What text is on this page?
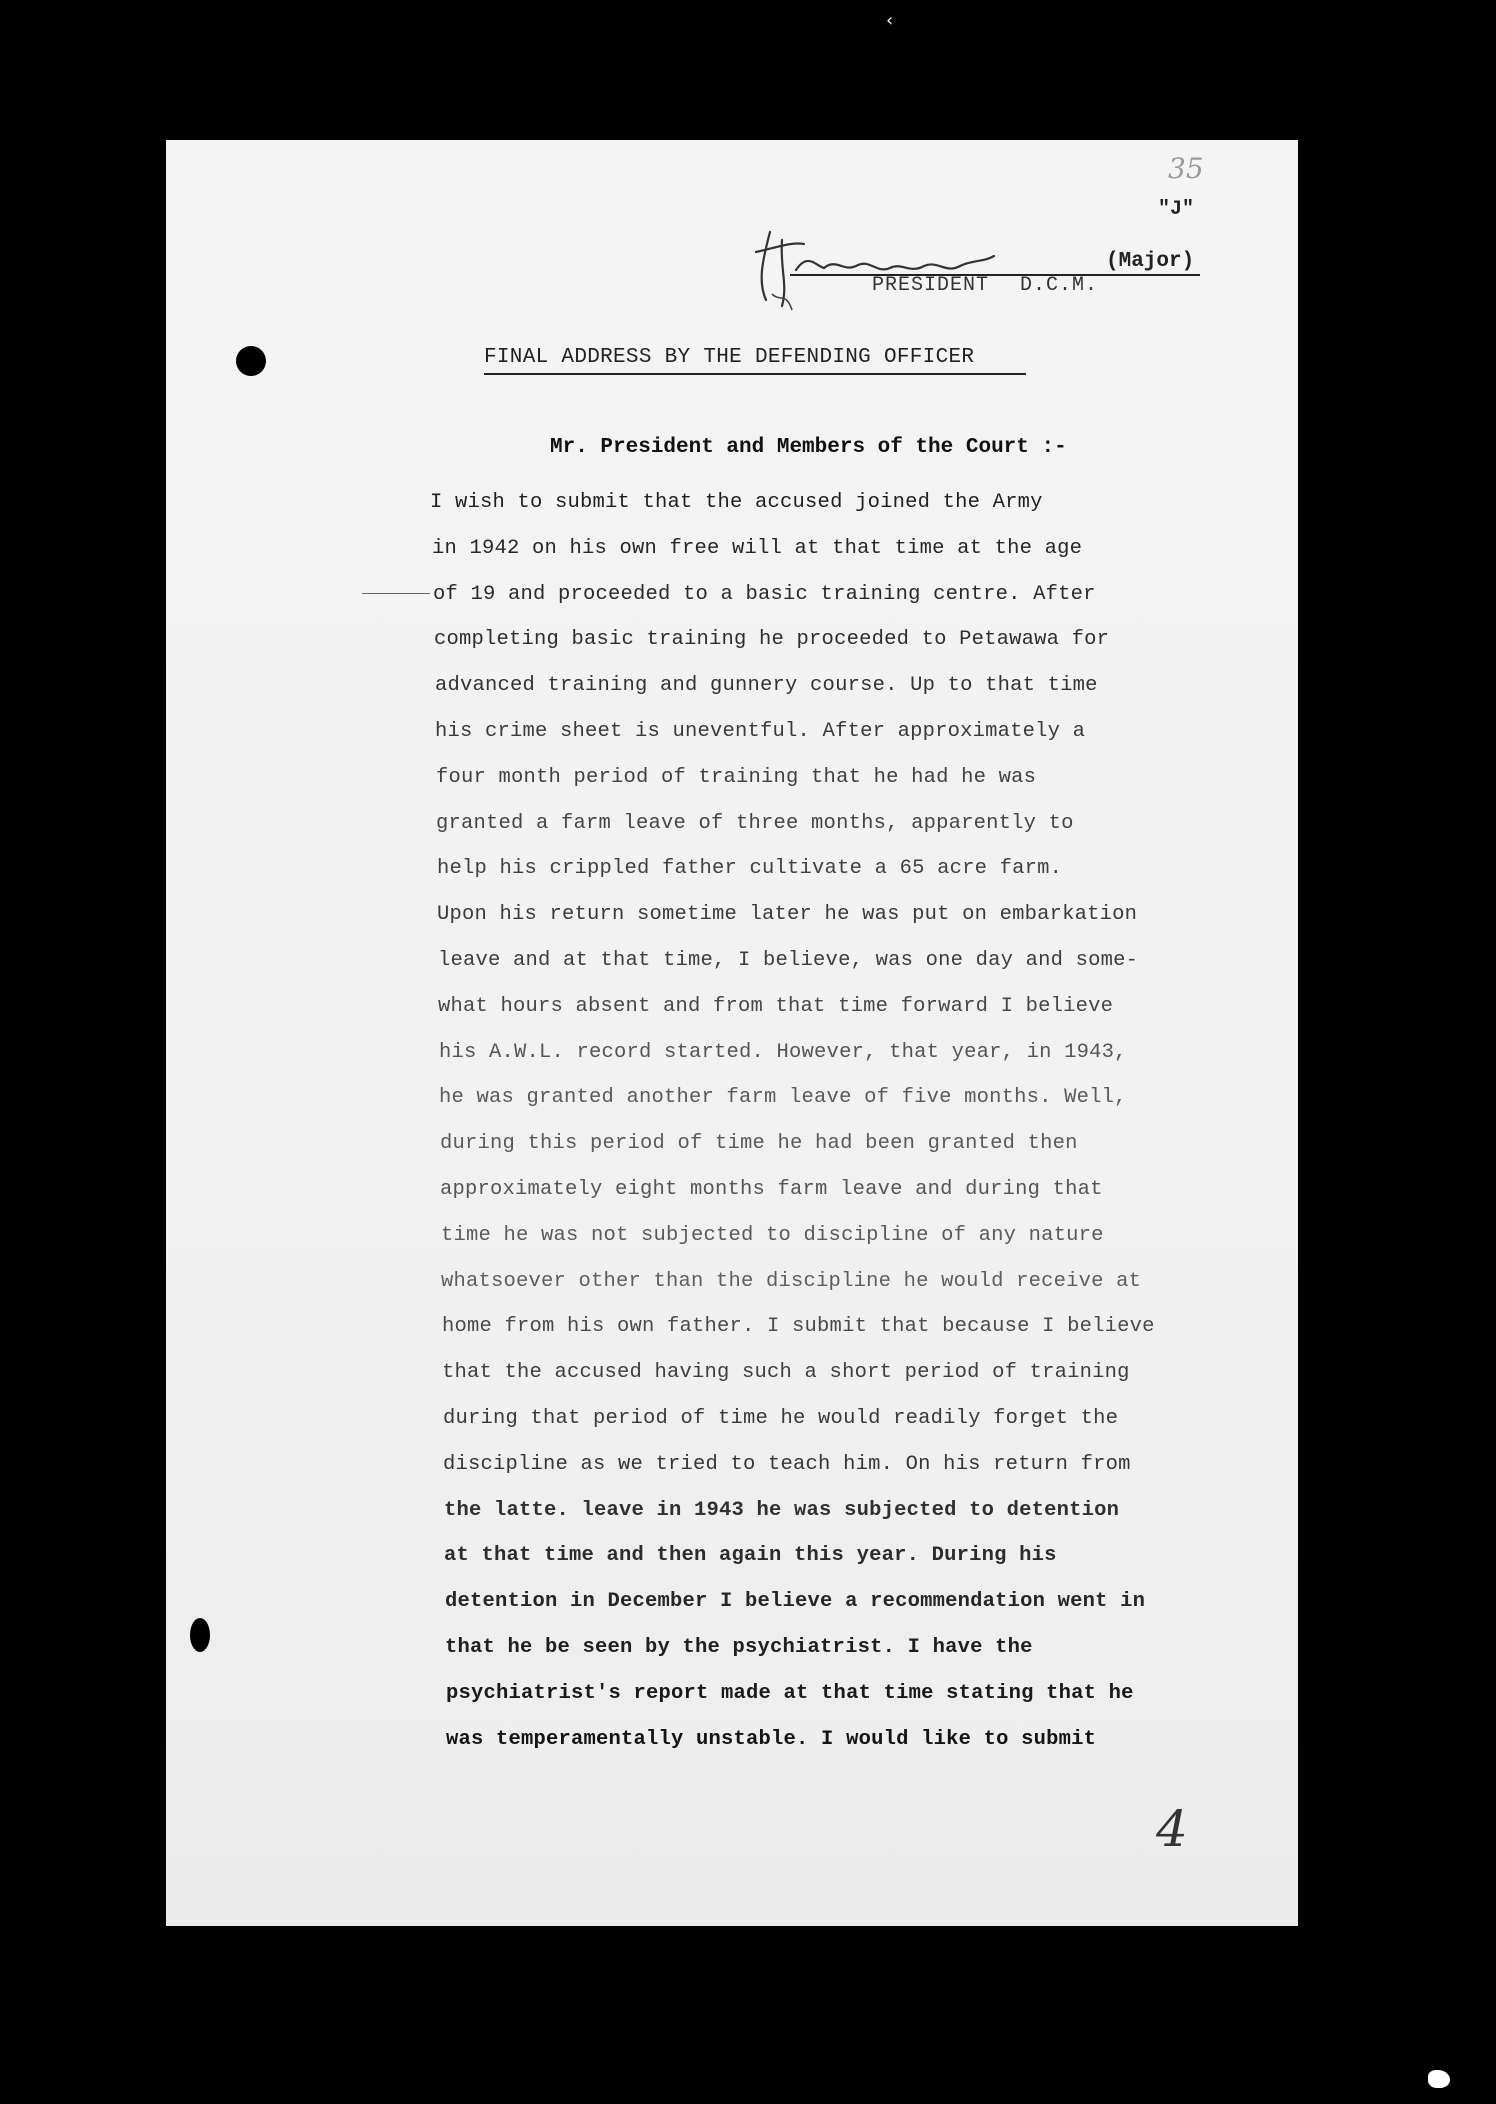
‹
35
"J"
(Major)
PRESIDENT D.C.M.
FINAL ADDRESS BY THE DEFENDING OFFICER
Mr. President and Members of the Court :-
I wish to submit that the accused joined the Army
in 1942 on his own free will at that time at the age
of 19 and proceeded to a basic training centre. After
completing basic training he proceeded to Petawawa for
advanced training and gunnery course. Up to that time
his crime sheet is uneventful. After approximately a
four month period of training that he had he was
granted a farm leave of three months, apparently to
help his crippled father cultivate a 65 acre farm.
Upon his return sometime later he was put on embarkation
leave and at that time, I believe, was one day and some-
what hours absent and from that time forward I believe
his A.W.L. record started. However, that year, in 1943,
he was granted another farm leave of five months. Well,
during this period of time he had been granted then
approximately eight months farm leave and during that
time he was not subjected to discipline of any nature
whatsoever other than the discipline he would receive at
home from his own father. I submit that because I believe
that the accused having such a short period of training
during that period of time he would readily forget the
discipline as we tried to teach him. On his return from
the latte. leave in 1943 he was subjected to detention
at that time and then again this year. During his
detention in December I believe a recommendation went in
that he be seen by the psychiatrist. I have the
psychiatrist's report made at that time stating that he
was temperamentally unstable. I would like to submit
4
